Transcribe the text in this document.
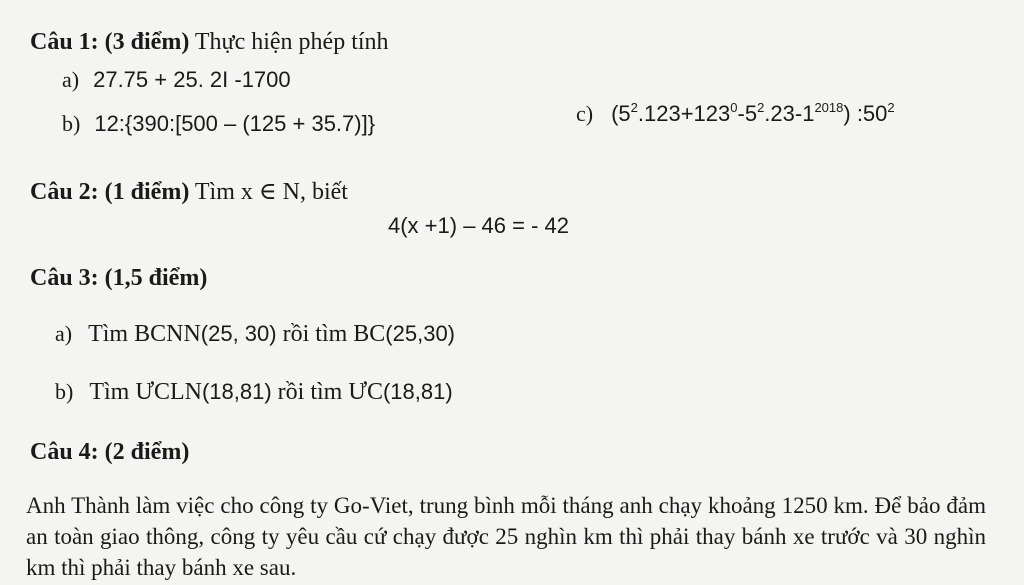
Câu 1: (3 điểm) Thực hiện phép tính
a) 27.75 + 25. 2I -1700
b) 12:{390:[500 – (125 + 35.7)]}	c) $(5^2.123+123^0-5^2.23-1^{2018})$ $:50^2$
Câu 2: (1 điểm) Tìm x ∈ N, biết
4(x +1) – 46 = - 42
Câu 3: (1,5 điểm)
a) Tìm BCNN(25, 30) rồi tìm BC(25,30)
b) Tìm ƯCLN(18,81) rồi tìm ƯC(18,81)
Câu 4: (2 điểm)
Anh Thành làm việc cho công ty Go-Viet, trung bình mỗi tháng anh chạy khoảng 1250 km. Để bảo đảm an toàn giao thông, công ty yêu cầu cứ chạy được 25 nghìn km thì phải thay bánh xe trước và 30 nghìn km thì phải thay bánh xe sau.
